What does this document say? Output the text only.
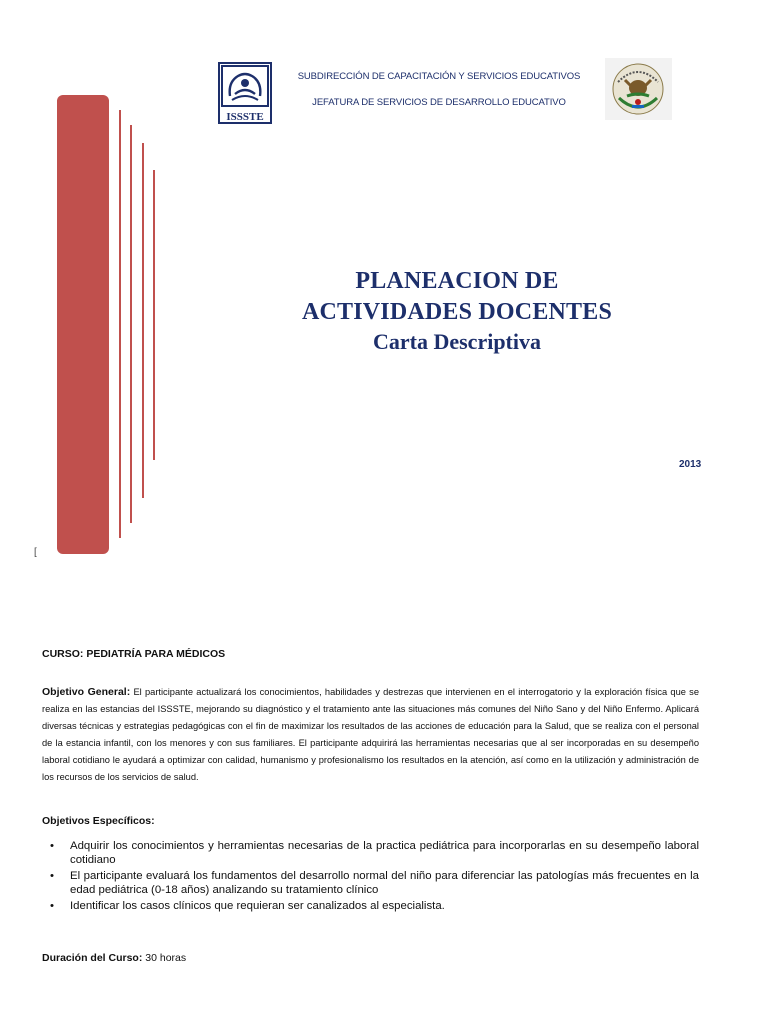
ISSSTE
SUBDIRECCIÓN DE CAPACITACIÓN Y SERVICIOS EDUCATIVOS
JEFATURA DE SERVICIOS DE DESARROLLO EDUCATIVO
PLANEACION DE
ACTIVIDADES DOCENTES
Carta Descriptiva
2013
[
CURSO: PEDIATRÍA PARA MÉDICOS
Objetivo General: El participante actualizará los conocimientos, habilidades y destrezas que intervienen en el interrogatorio y la exploración física que se realiza en las estancias del ISSSTE, mejorando su diagnóstico y el tratamiento ante las situaciones más comunes del Niño Sano y del Niño Enfermo. Aplicará diversas técnicas y estrategias pedagógicas con el fin de maximizar los resultados de las acciones de educación para la Salud, que se realiza con el personal de la estancia infantil, con los menores y con sus familiares. El participante adquirirá las herramientas necesarias que al ser incorporadas en su desempeño laboral cotidiano le ayudará a optimizar con calidad, humanismo y profesionalismo los resultados en la atención, así como en la utilización y administración de los recursos de los servicios de salud.
Objetivos Específicos:
• Adquirir los conocimientos y herramientas necesarias de la practica pediátrica para incorporarlas en su desempeño laboral cotidiano
• El participante evaluará los fundamentos del desarrollo normal del niño para diferenciar las patologías más frecuentes en la edad pediátrica (0-18 años) analizando su tratamiento clínico
• Identificar los casos clínicos que requieran ser canalizados al especialista.
Duración del Curso: 30 horas
